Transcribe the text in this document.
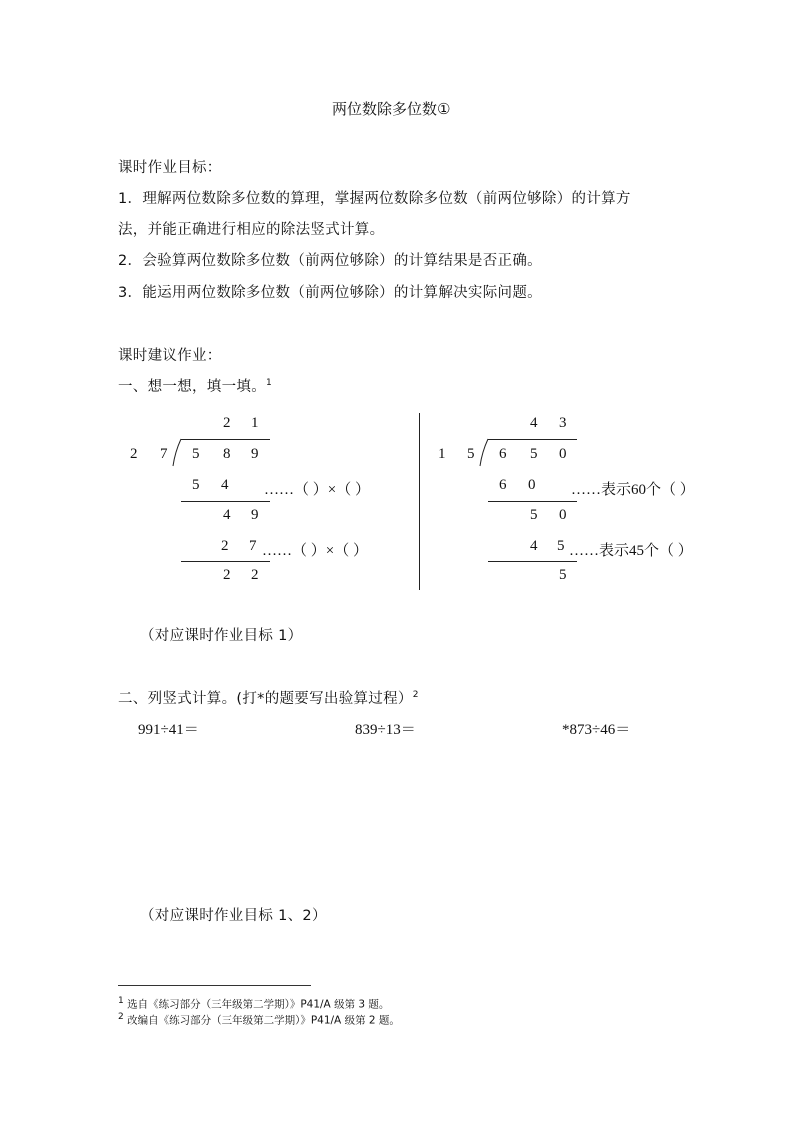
两位数除多位数①
课时作业目标：
1．理解两位数除多位数的算理，掌握两位数除多位数（前两位够除）的计算方
法，并能正确进行相应的除法竖式计算。
2．会验算两位数除多位数（前两位够除）的计算结果是否正确。
3．能运用两位数除多位数（前两位够除）的计算解决实际问题。
课时建议作业：
一、想一想，填一填。$^1$
2 1
2 7 5 8 9
5 4 ……（ ）×（ ）
4 9
2 7 ……（ ）×（ ）
2 2
4 3
1 5 6 5 0
6 0 ……表示60个（ ）
5 0
4 5 ……表示45个（ ）
5
（对应课时作业目标 1）
二、列竖式计算。(打*的题要写出验算过程）$^2$
991÷41＝	839÷13＝	*873÷46＝
（对应课时作业目标 1、2）
1 选自《练习部分（三年级第二学期）》P41/A 级第 3 题。
2 改编自《练习部分（三年级第二学期）》P41/A 级第 2 题。
